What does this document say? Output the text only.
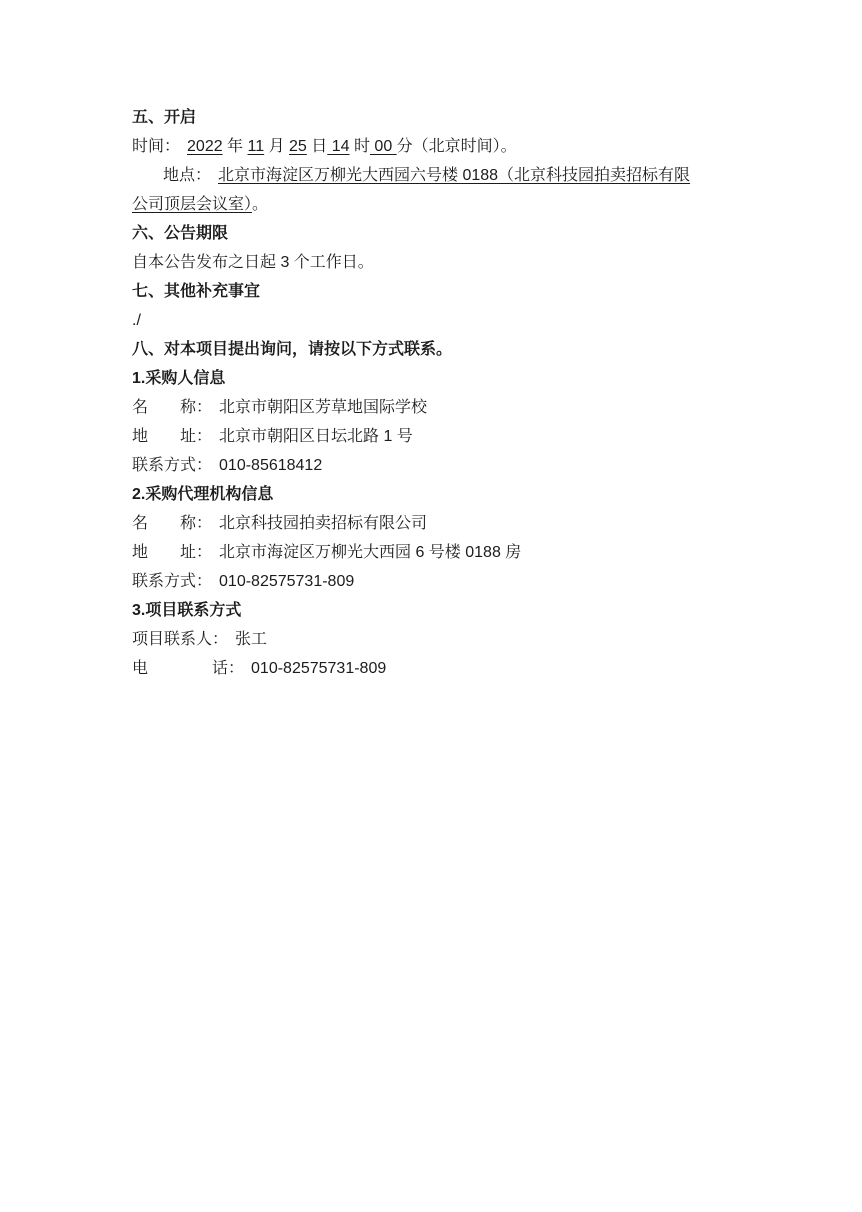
五、开启

时间： 2022 年 11 月 25 日 14 时 00 分（北京时间）。

地点： 北京市海淀区万柳光大西园六号楼 0188（北京科技园拍卖招标有限
公司顶层会议室）。

六、公告期限

自本公告发布之日起 3 个工作日。

七、其他补充事宜

./

八、对本项目提出询问，请按以下方式联系。

1.采购人信息

名　　称： 北京市朝阳区芳草地国际学校

地　　址： 北京市朝阳区日坛北路 1 号

联系方式： 010-85618412

2.采购代理机构信息

名　　称： 北京科技园拍卖招标有限公司

地　　址： 北京市海淀区万柳光大西园 6 号楼 0188 房

联系方式： 010-82575731-809

3.项目联系方式

项目联系人： 张工

电　　　　话： 010-82575731-809
